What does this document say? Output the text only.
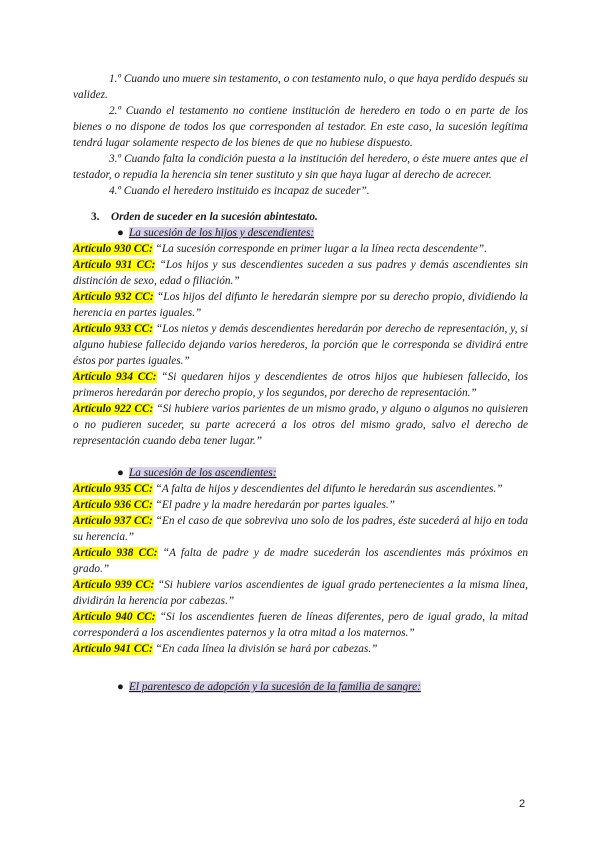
1.º Cuando uno muere sin testamento, o con testamento nulo, o que haya perdido después su validez.

2.º Cuando el testamento no contiene institución de heredero en todo o en parte de los bienes o no dispone de todos los que corresponden al testador. En este caso, la sucesión legítima tendrá lugar solamente respecto de los bienes de que no hubiese dispuesto.

3.º Cuando falta la condición puesta a la institución del heredero, o éste muere antes que el testador, o repudia la herencia sin tener sustituto y sin que haya lugar al derecho de acrecer.

4.º Cuando el heredero instituido es incapaz de suceder”.

3. Orden de suceder en la sucesión abintestato.

● La sucesión de los hijos y descendientes:

Artículo 930 CC: “La sucesión corresponde en primer lugar a la línea recta descendente”.

Artículo 931 CC: “Los hijos y sus descendientes suceden a sus padres y demás ascendientes sin distinción de sexo, edad o filiación.”

Artículo 932 CC: “Los hijos del difunto le heredarán siempre por su derecho propio, dividiendo la herencia en partes iguales.”

Artículo 933 CC: “Los nietos y demás descendientes heredarán por derecho de representación, y, si alguno hubiese fallecido dejando varios herederos, la porción que le corresponda se dividirá entre éstos por partes iguales.”

Artículo 934 CC: “Si quedaren hijos y descendientes de otros hijos que hubiesen fallecido, los primeros heredarán por derecho propio, y los segundos, por derecho de representación.”

Artículo 922 CC: “Si hubiere varios parientes de un mismo grado, y alguno o algunos no quisieren o no pudieren suceder, su parte acrecerá a los otros del mismo grado, salvo el derecho de representación cuando deba tener lugar.”

● La sucesión de los ascendientes:

Artículo 935 CC: “A falta de hijos y descendientes del difunto le heredarán sus ascendientes.”

Artículo 936 CC: “El padre y la madre heredarán por partes iguales.”

Artículo 937 CC: “En el caso de que sobreviva uno solo de los padres, éste sucederá al hijo en toda su herencia.”

Artículo 938 CC: “A falta de padre y de madre sucederán los ascendientes más próximos en grado.”

Artículo 939 CC: “Si hubiere varios ascendientes de igual grado pertenecientes a la misma línea, dividirán la herencia por cabezas.”

Artículo 940 CC: “Si los ascendientes fueren de líneas diferentes, pero de igual grado, la mitad corresponderá a los ascendientes paternos y la otra mitad a los maternos.”

Artículo 941 CC: “En cada línea la división se hará por cabezas.”

● El parentesco de adopción y la sucesión de la familia de sangre:

2
